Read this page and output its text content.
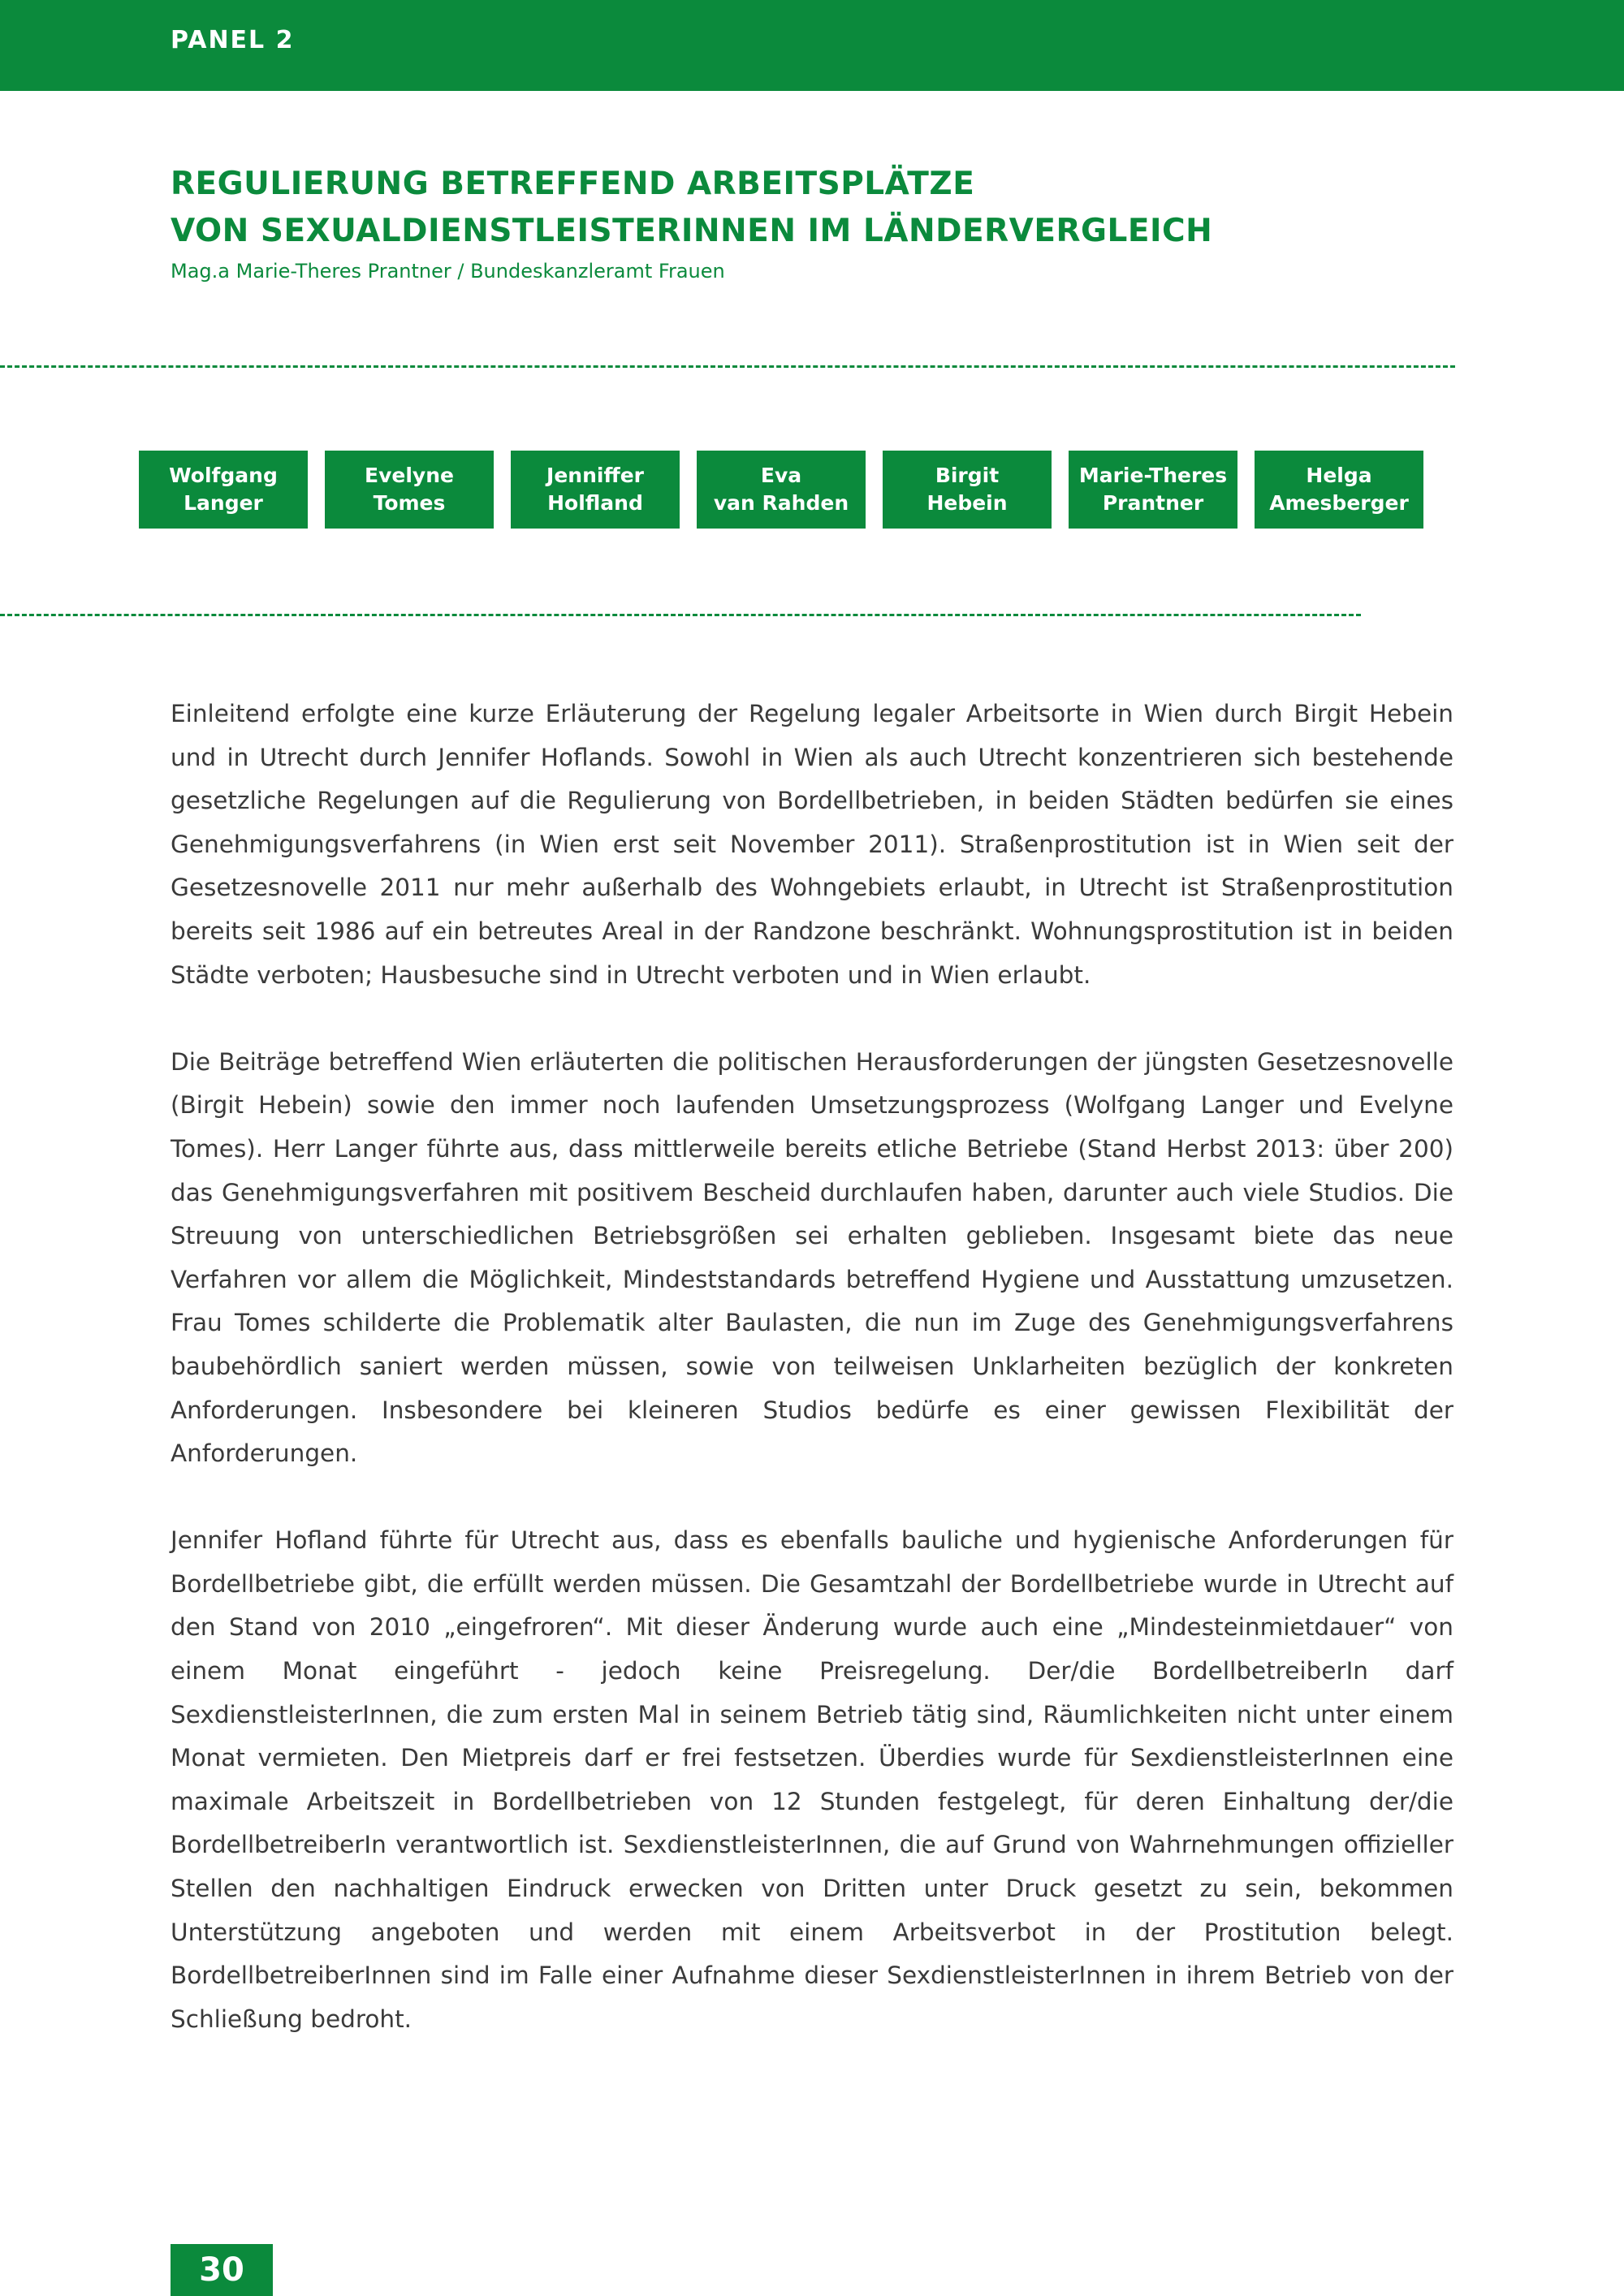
PANEL 2
REGULIERUNG BETREFFEND ARBEITSPLÄTZE
VON SEXUALDIENSTLEISTERINNEN IM LÄNDERVERGLEICH
Mag.a Marie-Theres Prantner / Bundeskanzleramt Frauen
Wolfgang
Langer
Evelyne
Tomes
Jenniffer
Holfland
Eva
van Rahden
Birgit
Hebein
Marie-Theres
Prantner
Helga
Amesberger

Einleitend erfolgte eine kurze Erläuterung der Regelung legaler Arbeitsorte in Wien durch Birgit Hebein und in Utrecht durch Jennifer Hoflands. Sowohl in Wien als auch Utrecht konzentrieren sich bestehende gesetzliche Regelungen auf die Regulierung von Bordellbetrieben, in beiden Städten bedürfen sie eines Genehmigungsverfahrens (in Wien erst seit November 2011). Straßenprostitution ist in Wien seit der Gesetzesnovelle 2011 nur mehr außerhalb des Wohngebiets erlaubt, in Utrecht ist Straßenprostitution bereits seit 1986 auf ein betreutes Areal in der Randzone beschränkt. Wohnungsprostitution ist in beiden Städte verboten; Hausbesuche sind in Utrecht verboten und in Wien erlaubt.

Die Beiträge betreffend Wien erläuterten die politischen Herausforderungen der jüngsten Gesetzesnovelle (Birgit Hebein) sowie den immer noch laufenden Umsetzungsprozess (Wolfgang Langer und Evelyne Tomes). Herr Langer führte aus, dass mittlerweile bereits etliche Betriebe (Stand Herbst 2013: über 200) das Genehmigungsverfahren mit positivem Bescheid durchlaufen haben, darunter auch viele Studios. Die Streuung von unterschiedlichen Betriebsgrößen sei erhalten geblieben. Insgesamt biete das neue Verfahren vor allem die Möglichkeit, Mindeststandards betreffend Hygiene und Ausstattung umzusetzen. Frau Tomes schilderte die Problematik alter Baulasten, die nun im Zuge des Genehmigungsverfahrens baubehördlich saniert werden müssen, sowie von teilweisen Unklarheiten bezüglich der konkreten Anforderungen. Insbesondere bei kleineren Studios bedürfe es einer gewissen Flexibilität der Anforderungen.

Jennifer Hofland führte für Utrecht aus, dass es ebenfalls bauliche und hygienische Anforderungen für Bordellbetriebe gibt, die erfüllt werden müssen. Die Gesamtzahl der Bordellbetriebe wurde in Utrecht auf den Stand von 2010 „eingefroren“. Mit dieser Änderung wurde auch eine „Mindesteinmietdauer“ von einem Monat eingeführt - jedoch keine Preisregelung. Der/die BordellbetreiberIn darf SexdienstleisterInnen, die zum ersten Mal in seinem Betrieb tätig sind, Räumlichkeiten nicht unter einem Monat vermieten. Den Mietpreis darf er frei festsetzen. Überdies wurde für SexdienstleisterInnen eine maximale Arbeitszeit in Bordellbetrieben von 12 Stunden festgelegt, für deren Einhaltung der/die BordellbetreiberIn verantwortlich ist. SexdienstleisterInnen, die auf Grund von Wahrnehmungen offizieller Stellen den nachhaltigen Eindruck erwecken von Dritten unter Druck gesetzt zu sein, bekommen Unterstützung angeboten und werden mit einem Arbeitsverbot in der Prostitution belegt. BordellbetreiberInnen sind im Falle einer Aufnahme dieser SexdienstleisterInnen in ihrem Betrieb von der Schließung bedroht.

30
